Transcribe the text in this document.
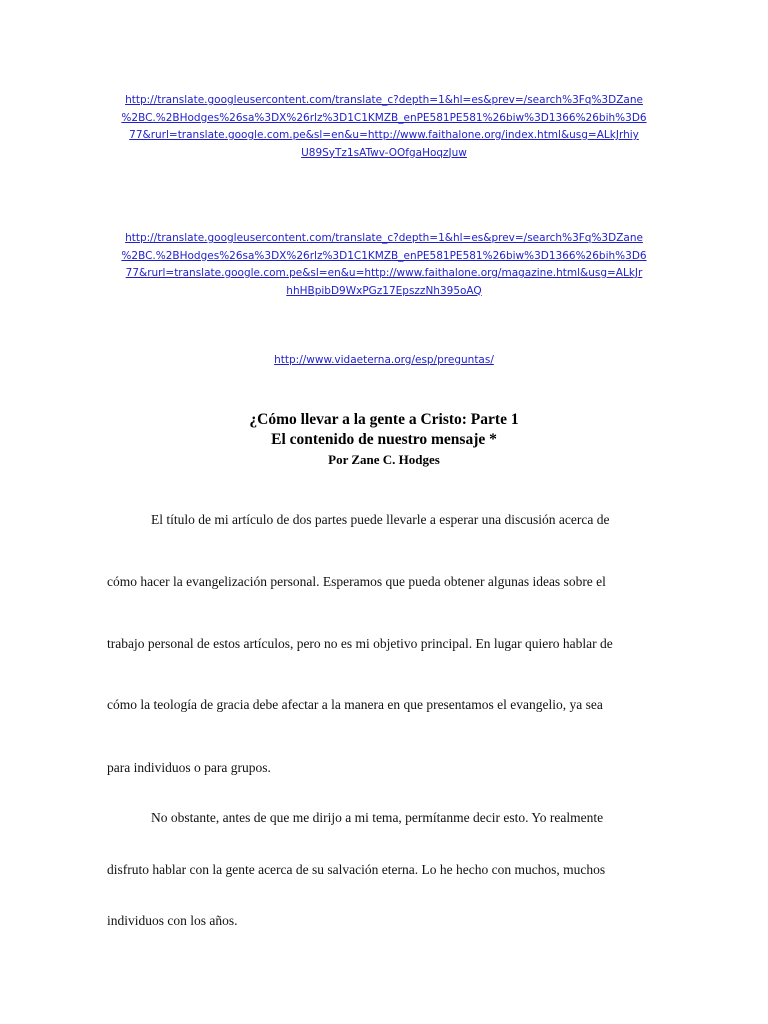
http://translate.googleusercontent.com/translate_c?depth=1&hl=es&prev=/search%3Fq%3DZane
%2BC.%2BHodges%26sa%3DX%26rlz%3D1C1KMZB_enPE581PE581%26biw%3D1366%26bih%3D6
77&rurl=translate.google.com.pe&sl=en&u=http://www.faithalone.org/index.html&usg=ALkJrhiy
U89SyTz1sATwv-OOfgaHoqzJuw
http://translate.googleusercontent.com/translate_c?depth=1&hl=es&prev=/search%3Fq%3DZane
%2BC.%2BHodges%26sa%3DX%26rlz%3D1C1KMZB_enPE581PE581%26biw%3D1366%26bih%3D6
77&rurl=translate.google.com.pe&sl=en&u=http://www.faithalone.org/magazine.html&usg=ALkJr
hhHBpibD9WxPGz17EpszzNh395oAQ
http://www.vidaeterna.org/esp/preguntas/
¿Cómo llevar a la gente a Cristo: Parte 1
El contenido de nuestro mensaje *
Por Zane C. Hodges
El título de mi artículo de dos partes puede llevarle a esperar una discusión acerca de
cómo hacer la evangelización personal. Esperamos que pueda obtener algunas ideas sobre el
trabajo personal de estos artículos, pero no es mi objetivo principal. En lugar quiero hablar de
cómo la teología de gracia debe afectar a la manera en que presentamos el evangelio, ya sea
para individuos o para grupos.
No obstante, antes de que me dirijo a mi tema, permítanme decir esto. Yo realmente
disfruto hablar con la gente acerca de su salvación eterna. Lo he hecho con muchos, muchos
individuos con los años.
